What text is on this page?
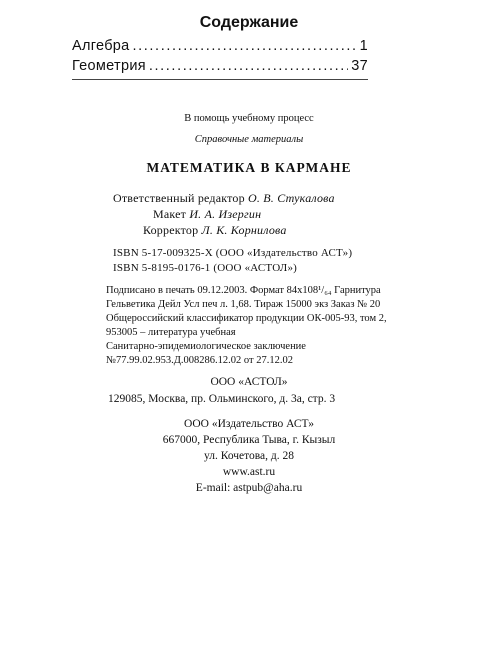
Содержание
Алгебра .....	1
Геометрия .....	37
В помощь учебному процесс
Справочные материалы
МАТЕМАТИКА В КАРМАНЕ
Ответственный редактор О. В. Стукалова
Макет И. А. Изергин
Корректор Л. К. Корнилова
ISBN 5-17-009325-X (ООО «Издательство АСТ»)
ISBN 5-8195-0176-1 (ООО «АСТОЛ»)
Подписано в печать 09.12.2003. Формат 84x108¹/₆₄ Гарнитура
Гельветика Дейл Усл печ л. 1,68. Тираж 15000 экз Заказ № 20
Общероссийский классификатор продукции ОК-005-93, том 2,
953005 – литература учебная
Санитарно-эпидемиологическое заключение
№77.99.02.953.Д.008286.12.02 от 27.12.02
ООО «АСТОЛ»
129085, Москва, пр. Ольминского, д. 3а, стр. 3
ООО «Издательство АСТ»
667000, Республика Тыва, г. Кызыл
ул. Кочетова, д. 28
www.ast.ru
E-mail: astpub@aha.ru
